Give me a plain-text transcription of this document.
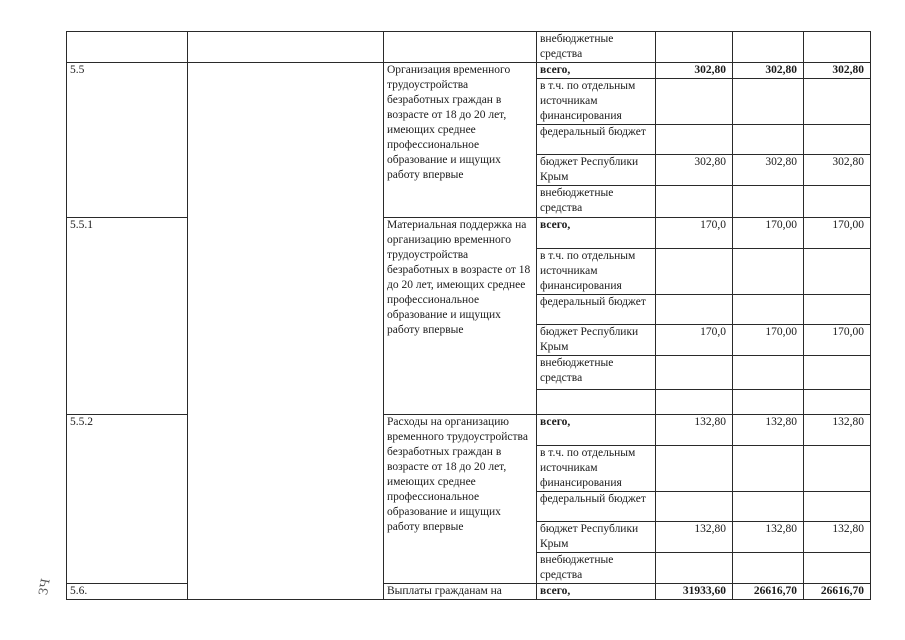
			внебюджетные средства			
5.5		Организация временного трудоустройства безработных граждан в возрасте от 18 до 20 лет, имеющих среднее профессиональное образование и ищущих работу впервые	всего,	302,80	302,80	302,80
			в т.ч. по отдельным источникам финансирования			
			федеральный бюджет			
			бюджет Республики Крым	302,80	302,80	302,80
			внебюджетные средства			
5.5.1		Материальная поддержка на организацию временного трудоустройства безработных в возрасте от 18 до 20 лет, имеющих среднее профессиональное образование и ищущих работу впервые	всего,	170,0	170,00	170,00
			в т.ч. по отдельным источникам финансирования			
			федеральный бюджет			
			бюджет Республики Крым	170,0	170,00	170,00
			внебюджетные средства			

5.5.2		Расходы на организацию временного трудоустройства безработных граждан в возрасте от 18 до 20 лет, имеющих среднее профессиональное образование и ищущих работу впервые	всего,	132,80	132,80	132,80
			в т.ч. по отдельным источникам финансирования			
			федеральный бюджет			
			бюджет Республики Крым	132,80	132,80	132,80
			внебюджетные средства			
5.6.		Выплаты гражданам на	всего,	31933,60	26616,70	26616,70
ЗЧ
